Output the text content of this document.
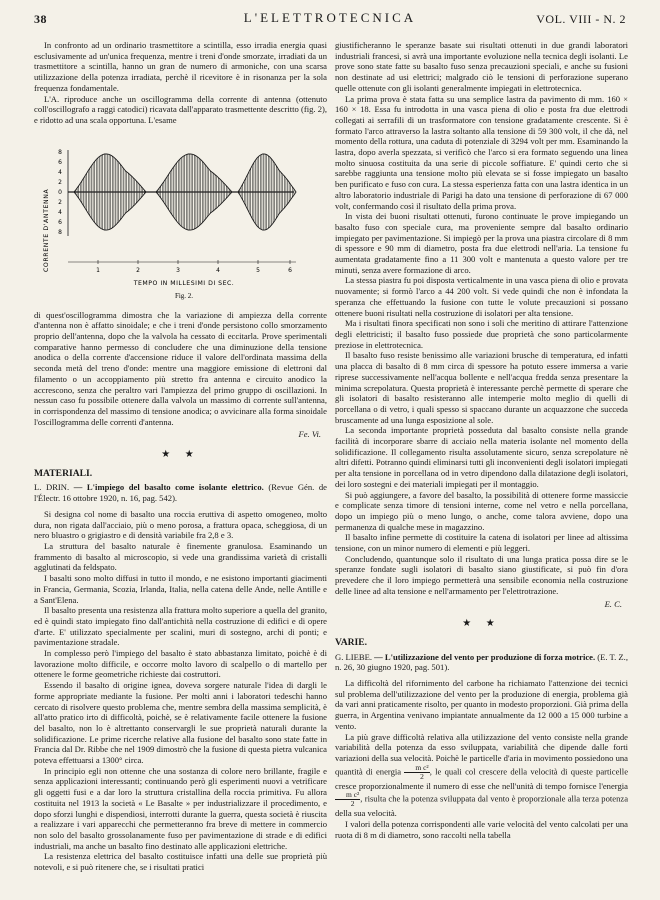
38	L'ELETTROTECNICA	VOL. VIII - N. 2

In confronto ad un ordinario trasmettitore a scintilla, esso irradia energia quasi esclusivamente ad un'unica frequenza, mentre i treni d'onde smorzate, irradiati da un trasmettitore a scintilla, hanno un gran de numero di armoniche, con una scarsa utilizzazione della potenza irradiata, perchè il ricevitore è in risonanza per la sola frequenza fondamentale.

L'A. riproduce anche un oscillogramma della corrente di antenna (ottenuto coll'oscillografo a raggi catodici) ricavata dall'apparato trasmettente descritto (fig. 2), e ridotto ad una scala opportuna. L'esame

CORRENTE D'ANTENNA
8
6
4
2
0
2
4
6
8
1	2	3	4	5	6
TEMPO IN MILLESIMI DI SEC.
Fig. 2.

di quest'oscillogramma dimostra che la variazione di ampiezza della corrente d'antenna non è affatto sinoidale; e che i treni d'onde persistono collo smorzamento proprio dell'antenna, dopo che la valvola ha cessato di eccitarla. Prove sperimentali comparative hanno permesso di concludere che una diminuzione della tensione anodica o della corrente d'accensione riduce il valore dell'ordinata massima della seconda metà del treno d'onde: mentre una maggiore emissione di elettroni dal filamento o un accoppiamento più stretto fra antenna e circuito anodico la accrescono, senza che peraltro vari l'ampiezza del primo gruppo di oscillazioni. In nessun caso fu possibile ottenere dalla valvola un massimo di corrente sull'antenna, in corrispondenza del massimo di tensione anodica; o avvicinare alla forma sinoidale l'oscillogramma delle correnti d'antenna.

Fe. Vi.
★ ★
MATERIALI.
L. DRIN. — L'impiego del basalto come isolante elettrico. (Revue Gén. de l'Électr. 16 ottobre 1920, n. 16, pag. 542).

Si designa col nome di basalto una roccia eruttiva di aspetto omogeneo, molto dura, non rigata dall'acciaio, più o meno porosa, a frattura opaca, scheggiosa, di un nero bluastro o grigiastro e di densità variabile fra 2,8 e 3.

La struttura del basalto naturale è finemente granulosa. Esaminando un frammento di basalto al microscopio, si vede una grandissima varietà di cristalli agglutinati da feldspato.

I basalti sono molto diffusi in tutto il mondo, e ne esistono importanti giacimenti in Francia, Germania, Scozia, Irlanda, Italia, nella catena delle Ande, nelle Antille e a Sant'Elena.

Il basalto presenta una resistenza alla frattura molto superiore a quella del granito, ed è quindi stato impiegato fino dall'antichità nella costruzione di edifici e di opere d'arte. E' utilizzato specialmente per scalini, muri di sostegno, archi di ponti; e pavimentazione stradale.

In complesso però l'impiego del basalto è stato abbastanza limitato, poichè è di lavorazione molto difficile, e occorre molto lavoro di scalpello o di martello per ottenere le forme geometriche richieste dai costruttori.

Essendo il basalto di origine ignea, doveva sorgere naturale l'idea di dargli le forme appropriate mediante la fusione. Per molti anni i laboratori tedeschi hanno cercato di risolvere questo problema che, mentre sembra della massima semplicità, è all'atto pratico irto di difficoltà, poichè, se è relativamente facile ottenere la fusione del basalto, non lo è altrettanto conservargli le sue proprietà naturali durante la solidificazione. Le prime ricerche relative alla fusione del basalto sono state fatte in Francia dal Dr. Ribbe che nel 1909 dimostrò che la fusione di questa pietra vulcanica poteva effettuarsi a 1300° circa.

In principio egli non ottenne che una sostanza di colore nero brillante, fragile e senza applicazioni interessanti; continuando però gli esperimenti nuovi a vetrificare gli oggetti fusi e a dar loro la struttura cristallina della roccia primitiva. Fu allora costituita nel 1913 la società « Le Basalte » per industrializzare il procedimento, e dopo sforzi lunghi e dispendiosi, interrotti durante la guerra, questa società è riuscita a realizzare i vari apparecchi che permetteranno fra breve di mettere in commercio non solo del basalto grossolanamente fuso per pavimentazione di strade e di edifici industriali, ma anche un basalto fino destinato alle applicazioni elettriche.

La resistenza elettrica del basalto costituisce infatti una delle sue proprietà più notevoli, e si può ritenere che, se i risultati pratici

giustificheranno le speranze basate sui risultati ottenuti in due grandi laboratori industriali francesi, si avrà una importante evoluzione nella tecnica degli isolanti. Le prove sono state fatte su basalto fuso senza precauzioni speciali, e anche su fusioni non destinate ad usi elettrici; malgrado ciò le tensioni di perforazione superano quelle ottenute con gli isolanti generalmente impiegati in elettrotecnica.

La prima prova è stata fatta su una semplice lastra da pavimento di mm. 160 × 160 × 18. Essa fu introdotta in una vasca piena di olio e posta fra due elettrodi collegati ai serrafili di un trasformatore con tensione gradatamente crescente. Si è formato l'arco attraverso la lastra soltanto alla tensione di 59 300 volt, il che dà, nel momento della rottura, una caduta di potenziale di 3294 volt per mm. Esaminando la lastra, dopo averla spezzata, si verificò che l'arco si era formato seguendo una linea molto sinuosa costituita da una serie di piccole soffiature. E' quindi certo che si sarebbe raggiunta una tensione molto più elevata se si fosse impiegato un basalto ben purificato e fuso con cura. La stessa esperienza fatta con una lastra identica in un altro laboratorio industriale di Parigi ha dato una tensione di perforazione di 67 000 volt, confermando così il risultato della prima prova.

In vista dei buoni risultati ottenuti, furono continuate le prove impiegando un basalto fuso con speciale cura, ma proveniente sempre dal basalto ordinario impiegato per pavimentazione. Si impiegò per la prova una piastra circolare di 8 mm di spessore e 90 mm di diametro, posta fra due elettrodi nell'aria. La tensione fu aumentata gradatamente fino a 11 300 volt e mantenuta a questo valore per tre minuti, senza avere formazione di arco.

La stessa piastra fu poi disposta verticalmente in una vasca piena di olio e provata nuovamente; si formò l'arco a 44 200 volt. Si vede quindi che non è infondata la speranza che effettuando la fusione con tutte le volute precauzioni si possano ottenere buoni risultati nella costruzione di isolatori per alta tensione.

Ma i risultati finora specificati non sono i soli che meritino di attirare l'attenzione degli elettricisti; il basalto fuso possiede due proprietà che sono particolarmente preziose in elettrotecnica.

Il basalto fuso resiste benissimo alle variazioni brusche di temperatura, ed infatti una placca di basalto di 8 mm circa di spessore ha potuto essere immersa a varie riprese successivamente nell'acqua bollente e nell'acqua fredda senza presentare la minima screpolatura. Questa proprietà è interessante perchè permette di sperare che gli isolatori di basalto resisteranno alle intemperie molto meglio di quelli di porcellana o di vetro, i quali spesso si spaccano durante un acquazzone che succeda bruscamente ad una lunga esposizione al sole.

La seconda importante proprietà posseduta dal basalto consiste nella grande facilità di incorporare sbarre di acciaio nella materia isolante nel momento della solidificazione. Il collegamento risulta assolutamente sicuro, senza screpolature nè altri difetti. Potranno quindi eliminarsi tutti gli inconvenienti degli isolatori impiegati per alta tensione in porcellana od in vetro dipendono dalla dilatazione degli isolatori, dei loro sostegni e dei materiali impiegati per il montaggio.

Si può aggiungere, a favore del basalto, la possibilità di ottenere forme massiccie e complicate senza timore di tensioni interne, come nel vetro e nella porcellana, dopo un impiego più o meno lungo, o anche, come talora avviene, dopo una permanenza di qualche mese in magazzino.

Il basalto infine permette di costituire la catena di isolatori per linee ad altissima tensione, con un minor numero di elementi e più leggeri.

Concludendo, quantunque solo il risultato di una lunga pratica possa dire se le speranze fondate sugli isolatori di basalto siano giustificate, si può fin d'ora prevedere che il loro impiego permetterà una sensibile economia nella costruzione delle linee ad alta tensione e nell'armamento per l'elettrotrazione.

E. C.
★ ★
VARIE.
G. LIEBE. — L'utilizzazione del vento per produzione di forza motrice. (E. T. Z., n. 26, 30 giugno 1920, pag. 501).

La difficoltà del rifornimento del carbone ha richiamato l'attenzione dei tecnici sul problema dell'utilizzazione del vento per la produzione di energia, problema già da vari anni praticamente risolto, per quanto in modesto proporzioni. Già prima della guerra, in Argentina venivano impiantate annualmente da 12 000 a 15 000 turbine a vento.

La più grave difficoltà relativa alla utilizzazione del vento consiste nella grande variabilità della potenza da esso sviluppata, variabilità che dipende dalle forti variazioni della sua velocità. Poichè le particelle d'aria in movimento possiedono una quantità di energia $\frac{\text{m c²}}{2}$ , le quali col crescere della velocità di queste particelle cresce proporzionalmente il numero di esse che nell'unità di tempo fornisce l'energia
$\frac{\text{m c²}}{2}$ , risulta che la potenza sviluppata dal vento è proporzionale alla terza potenza della sua velocità.

I valori della potenza corrispondenti alle varie velocità del vento calcolati per una ruota di 8 m di diametro, sono raccolti nella tabella
